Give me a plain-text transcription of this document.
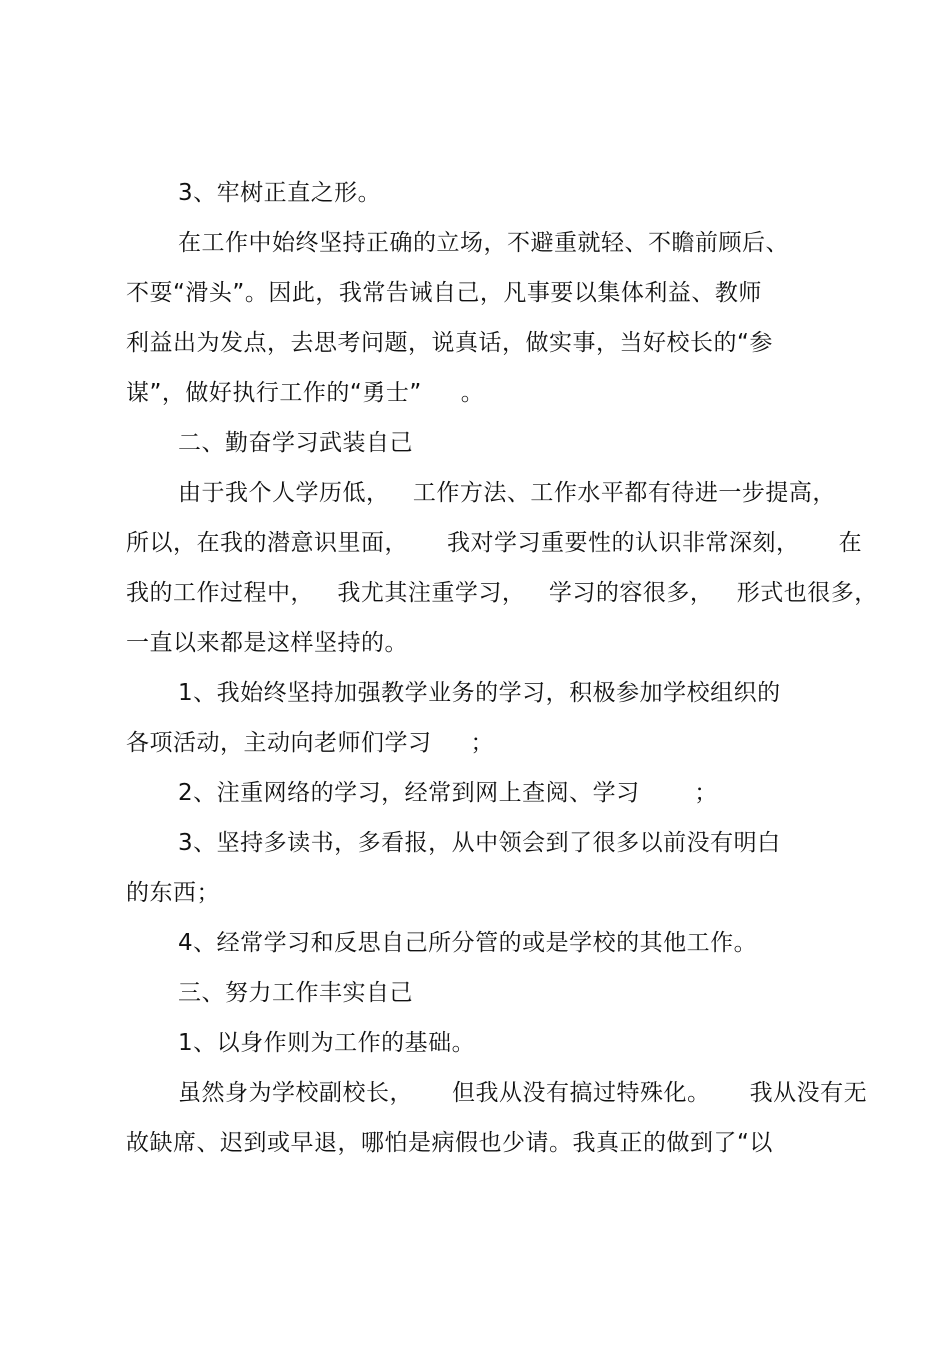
3、牢树正直之形。
在工作中始终坚持正确的立场，不避重就轻、不瞻前顾后、
不耍“滑头”。因此，我常告诫自己，凡事要以集体利益、教师
利益出为发点，去思考问题，说真话，做实事，当好校长的“参
谋”，做好执行工作的“勇士”     。
二、勤奋学习武装自己
由于我个人学历低，   工作方法、工作水平都有待进一步提高，
所以，在我的潜意识里面，     我对学习重要性的认识非常深刻，     在
我的工作过程中，   我尤其注重学习，   学习的容很多，   形式也很多，
一直以来都是这样坚持的。
1、我始终坚持加强教学业务的学习，积极参加学校组织的
各项活动，主动向老师们学习     ；
2、注重网络的学习，经常到网上查阅、学习       ；
3、坚持多读书，多看报，从中领会到了很多以前没有明白
的东西；
4、经常学习和反思自己所分管的或是学校的其他工作。
三、努力工作丰实自己
1、以身作则为工作的基础。
虽然身为学校副校长，     但我从没有搞过特殊化。     我从没有无
故缺席、迟到或早退，哪怕是病假也少请。我真正的做到了“以
